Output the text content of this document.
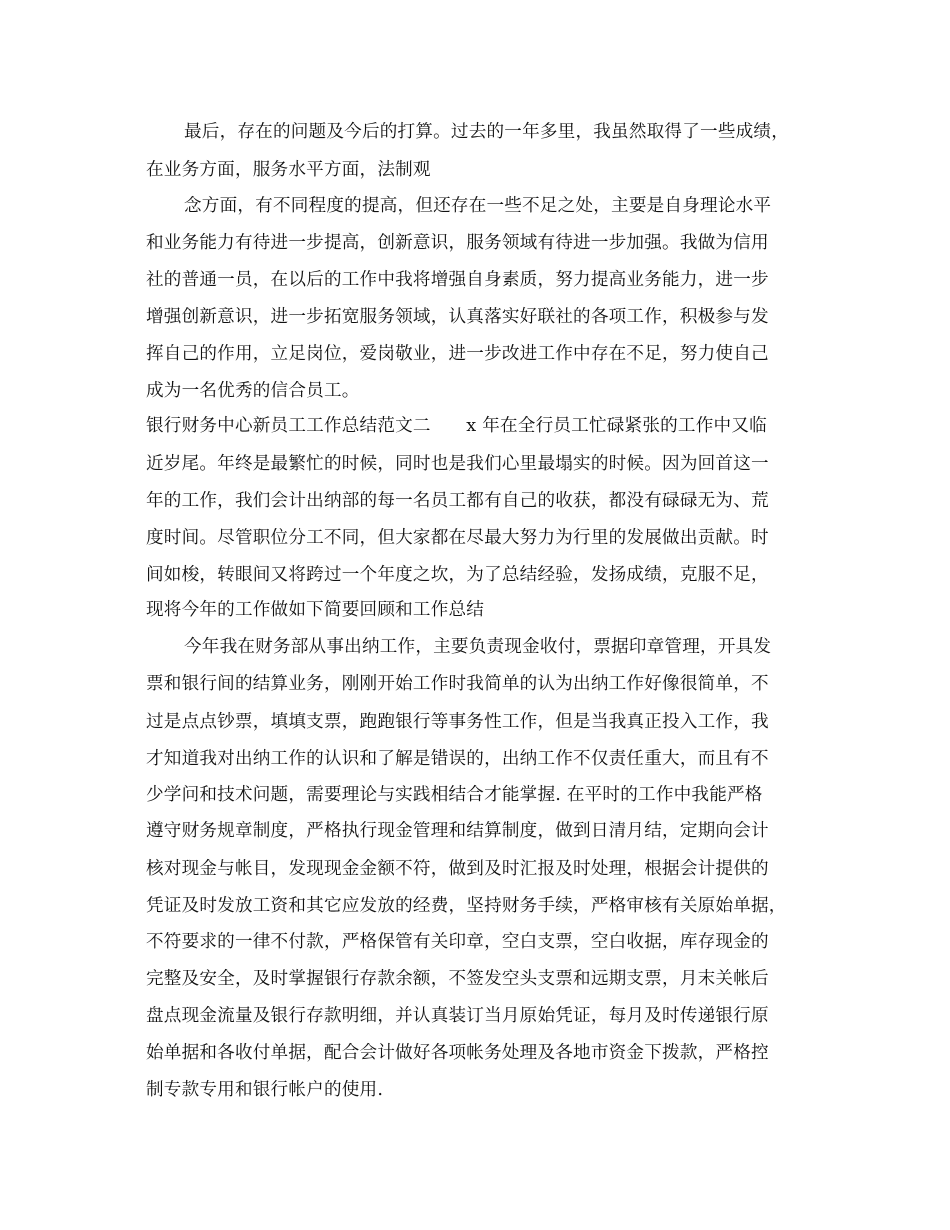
最后，存在的问题及今后的打算。过去的一年多里，我虽然取得了一些成绩，
在业务方面，服务水平方面，法制观
念方面，有不同程度的提高，但还存在一些不足之处，主要是自身理论水平
和业务能力有待进一步提高，创新意识，服务领域有待进一步加强。我做为信用
社的普通一员，在以后的工作中我将增强自身素质，努力提高业务能力，进一步
增强创新意识，进一步拓宽服务领域，认真落实好联社的各项工作，积极参与发
挥自己的作用，立足岗位，爱岗敬业，进一步改进工作中存在不足，努力使自己
成为一名优秀的信合员工。
银行财务中心新员工工作总结范文二　　x 年在全行员工忙碌紧张的工作中又临
近岁尾。年终是最繁忙的时候，同时也是我们心里最塌实的时候。因为回首这一
年的工作，我们会计出纳部的每一名员工都有自己的收获，都没有碌碌无为、荒
度时间。尽管职位分工不同，但大家都在尽最大努力为行里的发展做出贡献。时
间如梭，转眼间又将跨过一个年度之坎，为了总结经验，发扬成绩，克服不足，
现将今年的工作做如下简要回顾和工作总结
今年我在财务部从事出纳工作，主要负责现金收付，票据印章管理，开具发
票和银行间的结算业务，刚刚开始工作时我简单的认为出纳工作好像很简单，不
过是点点钞票，填填支票，跑跑银行等事务性工作，但是当我真正投入工作，我
才知道我对出纳工作的认识和了解是错误的，出纳工作不仅责任重大，而且有不
少学问和技术问题，需要理论与实践相结合才能掌握. 在平时的工作中我能严格
遵守财务规章制度，严格执行现金管理和结算制度，做到日清月结，定期向会计
核对现金与帐目，发现现金金额不符，做到及时汇报及时处理，根据会计提供的
凭证及时发放工资和其它应发放的经费，坚持财务手续，严格审核有关原始单据，
不符要求的一律不付款，严格保管有关印章，空白支票，空白收据，库存现金的
完整及安全，及时掌握银行存款余额，不签发空头支票和远期支票，月末关帐后
盘点现金流量及银行存款明细，并认真装订当月原始凭证，每月及时传递银行原
始单据和各收付单据，配合会计做好各项帐务处理及各地市资金下拨款，严格控
制专款专用和银行帐户的使用.
